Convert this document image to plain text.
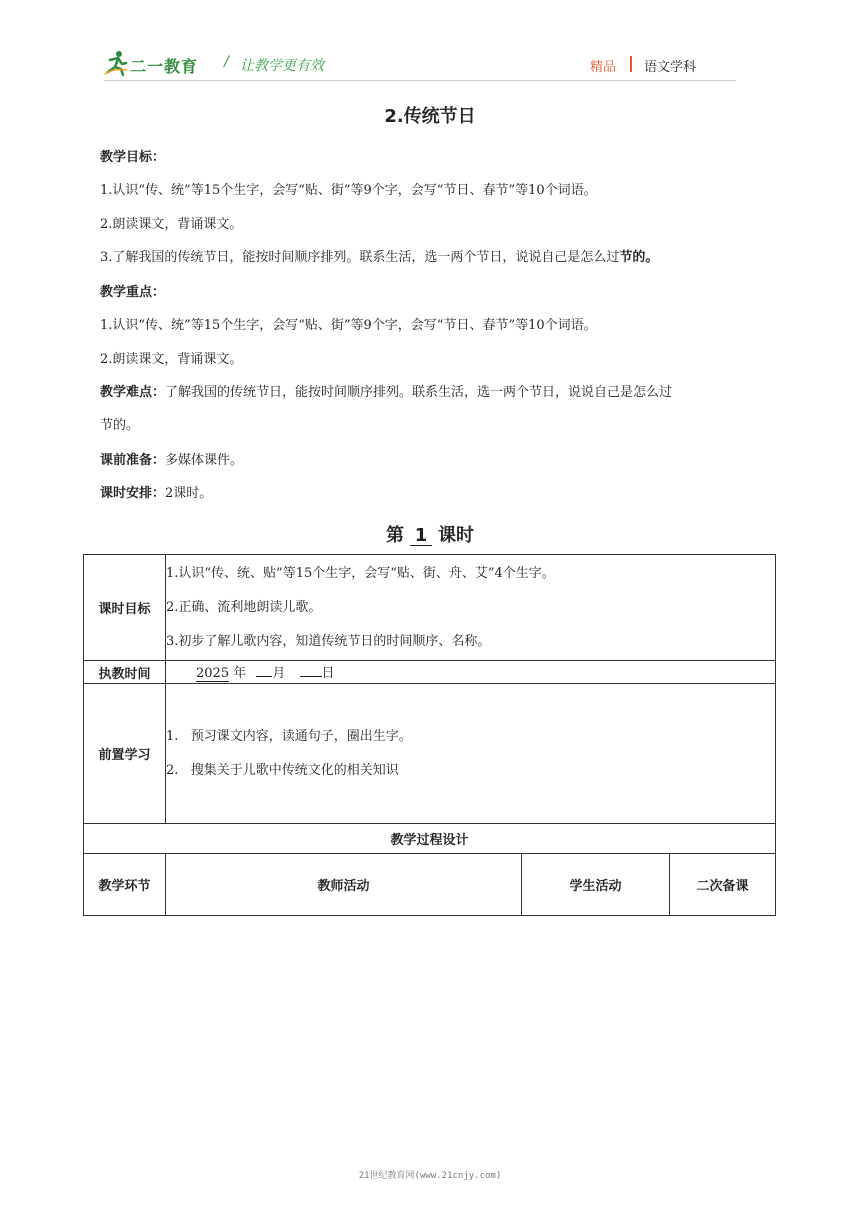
二一教育 / 让教学更有效	精品 语文学科
2.传统节日
教学目标：
1.认识“传、统”等15个生字，会写“贴、街”等9个字，会写“节日、春节”等10个词语。
2.朗读课文，背诵课文。
3.了解我国的传统节日，能按时间顺序排列。联系生活，选一两个节日，说说自己是怎么过节的。
教学重点：
1.认识“传、统”等15个生字，会写“贴、街”等9个字，会写“节日、春节”等10个词语。
2.朗读课文，背诵课文。
教学难点：了解我国的传统节日，能按时间顺序排列。联系生活，选一两个节日，说说自己是怎么过
节的。
课前准备：多媒体课件。
课时安排：2课时。
第 1 课时
课时目标	1.认识“传、统、贴”等15个生字，会写“贴、街、舟、艾”4个生字。
2.正确、流利地朗读儿歌。
3.初步了解儿歌内容，知道传统节日的时间顺序、名称。		

执教时间	2025 年 月 日		
前置学习	1.   预习课文内容，读通句子，圈出生字。
2.   搜集关于儿歌中传统文化的相关知识		

教学过程设计			
教学环节	教师活动	学生活动	二次备课
21世纪教育网(www.21cnjy.com)
